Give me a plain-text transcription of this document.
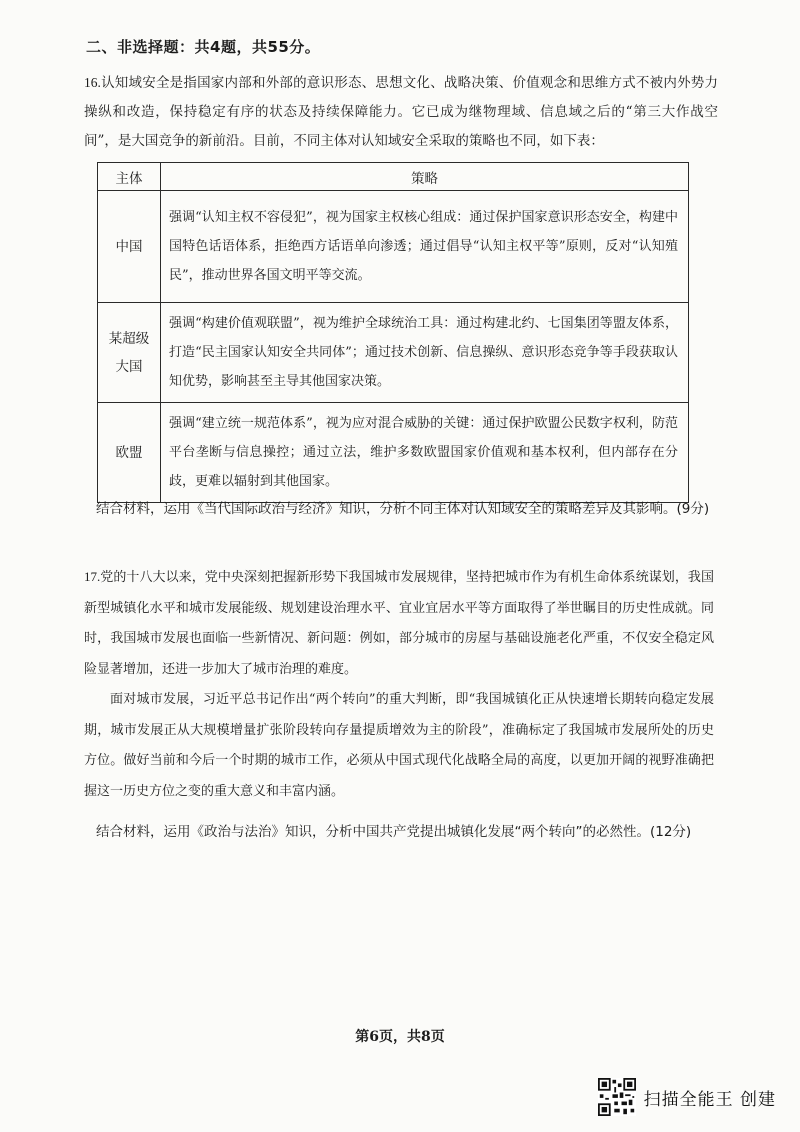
二、非选择题：共4题，共55分。
16.认知域安全是指国家内部和外部的意识形态、思想文化、战略决策、价值观念和思维方式不被内外势力操纵和改造，保持稳定有序的状态及持续保障能力。它已成为继物理域、信息域之后的“第三大作战空间”，是大国竞争的新前沿。目前，不同主体对认知域安全采取的策略也不同，如下表：
主体	策略
中国	强调“认知主权不容侵犯”，视为国家主权核心组成：通过保护国家意识形态安全，构建中国特色话语体系，拒绝西方话语单向渗透；通过倡导“认知主权平等”原则，反对“认知殖民”，推动世界各国文明平等交流。
某超级大国	强调“构建价值观联盟”，视为维护全球统治工具：通过构建北约、七国集团等盟友体系，打造“民主国家认知安全共同体”；通过技术创新、信息操纵、意识形态竞争等手段获取认知优势，影响甚至主导其他国家决策。
欧盟	强调“建立统一规范体系”，视为应对混合威胁的关键：通过保护欧盟公民数字权利，防范平台垄断与信息操控；通过立法，维护多数欧盟国家价值观和基本权利，但内部存在分歧，更难以辐射到其他国家。
结合材料，运用《当代国际政治与经济》知识，分析不同主体对认知域安全的策略差异及其影响。(9分)

17.党的十八大以来，党中央深刻把握新形势下我国城市发展规律，坚持把城市作为有机生命体系统谋划，我国新型城镇化水平和城市发展能级、规划建设治理水平、宜业宜居水平等方面取得了举世瞩目的历史性成就。同时，我国城市发展也面临一些新情况、新问题：例如，部分城市的房屋与基础设施老化严重，不仅安全稳定风险显著增加，还进一步加大了城市治理的难度。

面对城市发展，习近平总书记作出“两个转向”的重大判断，即“我国城镇化正从快速增长期转向稳定发展期，城市发展正从大规模增量扩张阶段转向存量提质增效为主的阶段”，准确标定了我国城市发展所处的历史方位。做好当前和今后一个时期的城市工作，必须从中国式现代化战略全局的高度，以更加开阔的视野准确把握这一历史方位之变的重大意义和丰富内涵。

结合材料，运用《政治与法治》知识，分析中国共产党提出城镇化发展“两个转向”的必然性。(12分)
第6页，共8页
扫描全能王 创建
